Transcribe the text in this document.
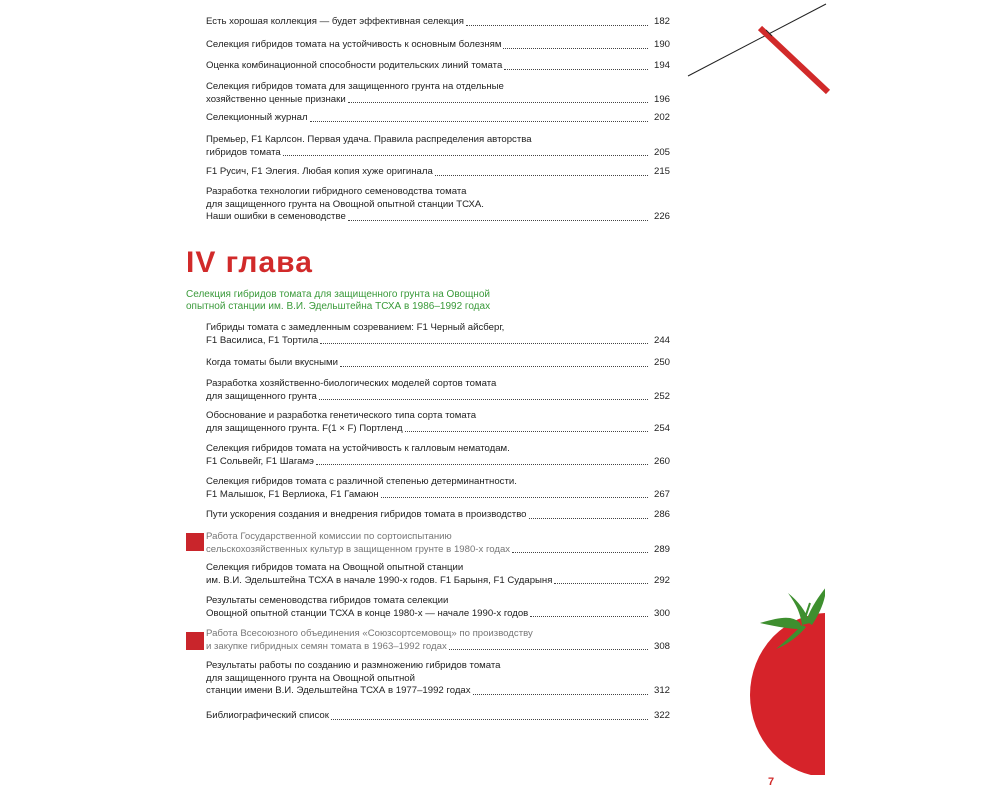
Есть хорошая коллекция — будет эффективная селекция	182
Селекция гибридов томата на устойчивость к основным болезням	190
Оценка комбинационной способности родительских линий томата	194
Селекция гибридов томата для защищенного грунта на отдельные
хозяйственно ценные признаки	196
Селекционный журнал	202
Премьер, F1 Карлсон. Первая удача. Правила распределения авторства
гибридов томата	205
F1 Русич, F1 Элегия. Любая копия хуже оригинала	215
Разработка технологии гибридного семеноводства томата
для защищенного грунта на Овощной опытной станции ТСХА.
Наши ошибки в семеноводстве	226
IV глава
Селекция гибридов томата для защищенного грунта на Овощной
опытной станции им. В.И. Эдельштейна ТСХА в 1986–1992 годах
Гибриды томата с замедленным созреванием: F1 Черный айсберг,
F1 Василиса, F1 Тортила	244
Когда томаты были вкусными	250
Разработка хозяйственно-биологических моделей сортов томата
для защищенного грунта	252
Обоснование и разработка генетического типа сорта томата
для защищенного грунта. F(1 × F) Портленд	254
Селекция гибридов томата на устойчивость к галловым нематодам.
F1 Сольвейг, F1 Шагамэ	260
Селекция гибридов томата с различной степенью детерминантности.
F1 Малышок, F1 Верлиока, F1 Гамаюн	267
Пути ускорения создания и внедрения гибридов томата в производство	286
Работа Государственной комиссии по сортоиспытанию
сельскохозяйственных культур в защищенном грунте в 1980-х годах	289
Селекция гибридов томата на Овощной опытной станции
им. В.И. Эдельштейна ТСХА в начале 1990-х годов. F1 Барыня, F1 Сударыня	292
Результаты семеноводства гибридов томата селекции
Овощной опытной станции ТСХА в конце 1980-х — начале 1990-х годов	300
Работа Всесоюзного объединения «Союзсортсемовощ» по производству
и закупке гибридных семян томата в 1963–1992 годах	308
Результаты работы по созданию и размножению гибридов томата
для защищенного грунта на Овощной опытной
станции имени В.И. Эдельштейна ТСХА в 1977–1992 годах	312
Библиографический список	322
7
